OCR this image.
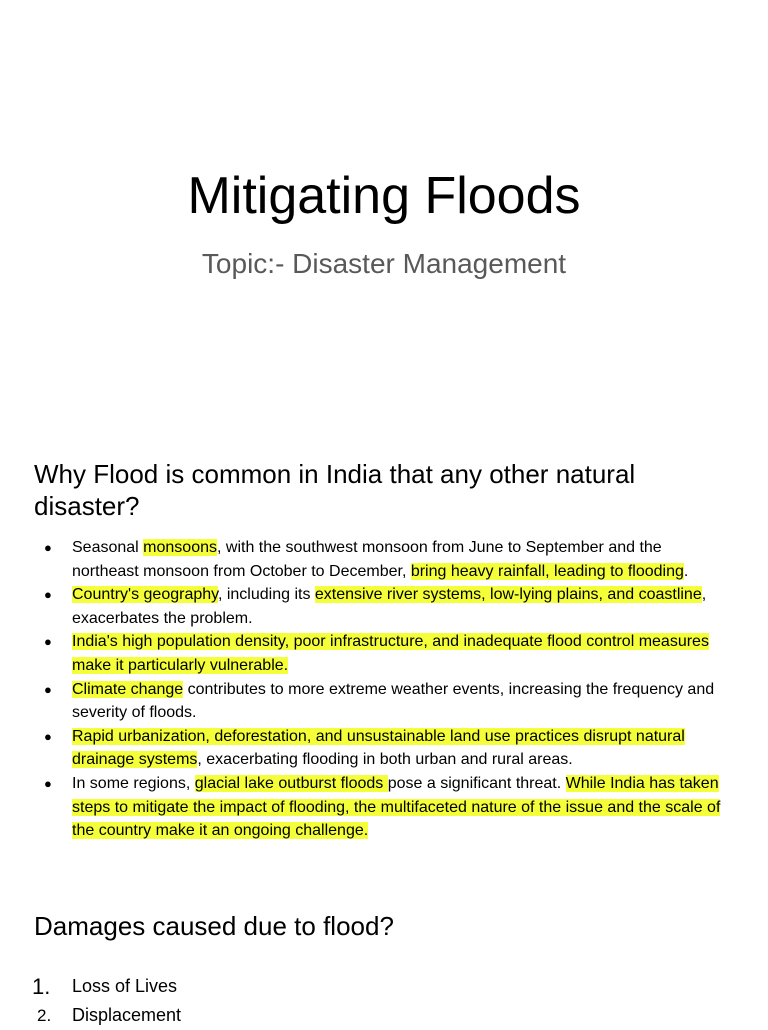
Mitigating Floods
Topic:- Disaster Management
Why Flood is common in India that any other natural disaster?
● Seasonal monsoons, with the southwest monsoon from June to September and the northeast monsoon from October to December, bring heavy rainfall, leading to flooding.
● Country's geography, including its extensive river systems, low-lying plains, and coastline, exacerbates the problem.
● India's high population density, poor infrastructure, and inadequate flood control measures make it particularly vulnerable.
● Climate change contributes to more extreme weather events, increasing the frequency and severity of floods.
● Rapid urbanization, deforestation, and unsustainable land use practices disrupt natural drainage systems, exacerbating flooding in both urban and rural areas.
● In some regions, glacial lake outburst floods pose a significant threat. While India has taken steps to mitigate the impact of flooding, the multifaceted nature of the issue and the scale of the country make it an ongoing challenge.
Damages caused due to flood?
1. Loss of Lives
2. Displacement
